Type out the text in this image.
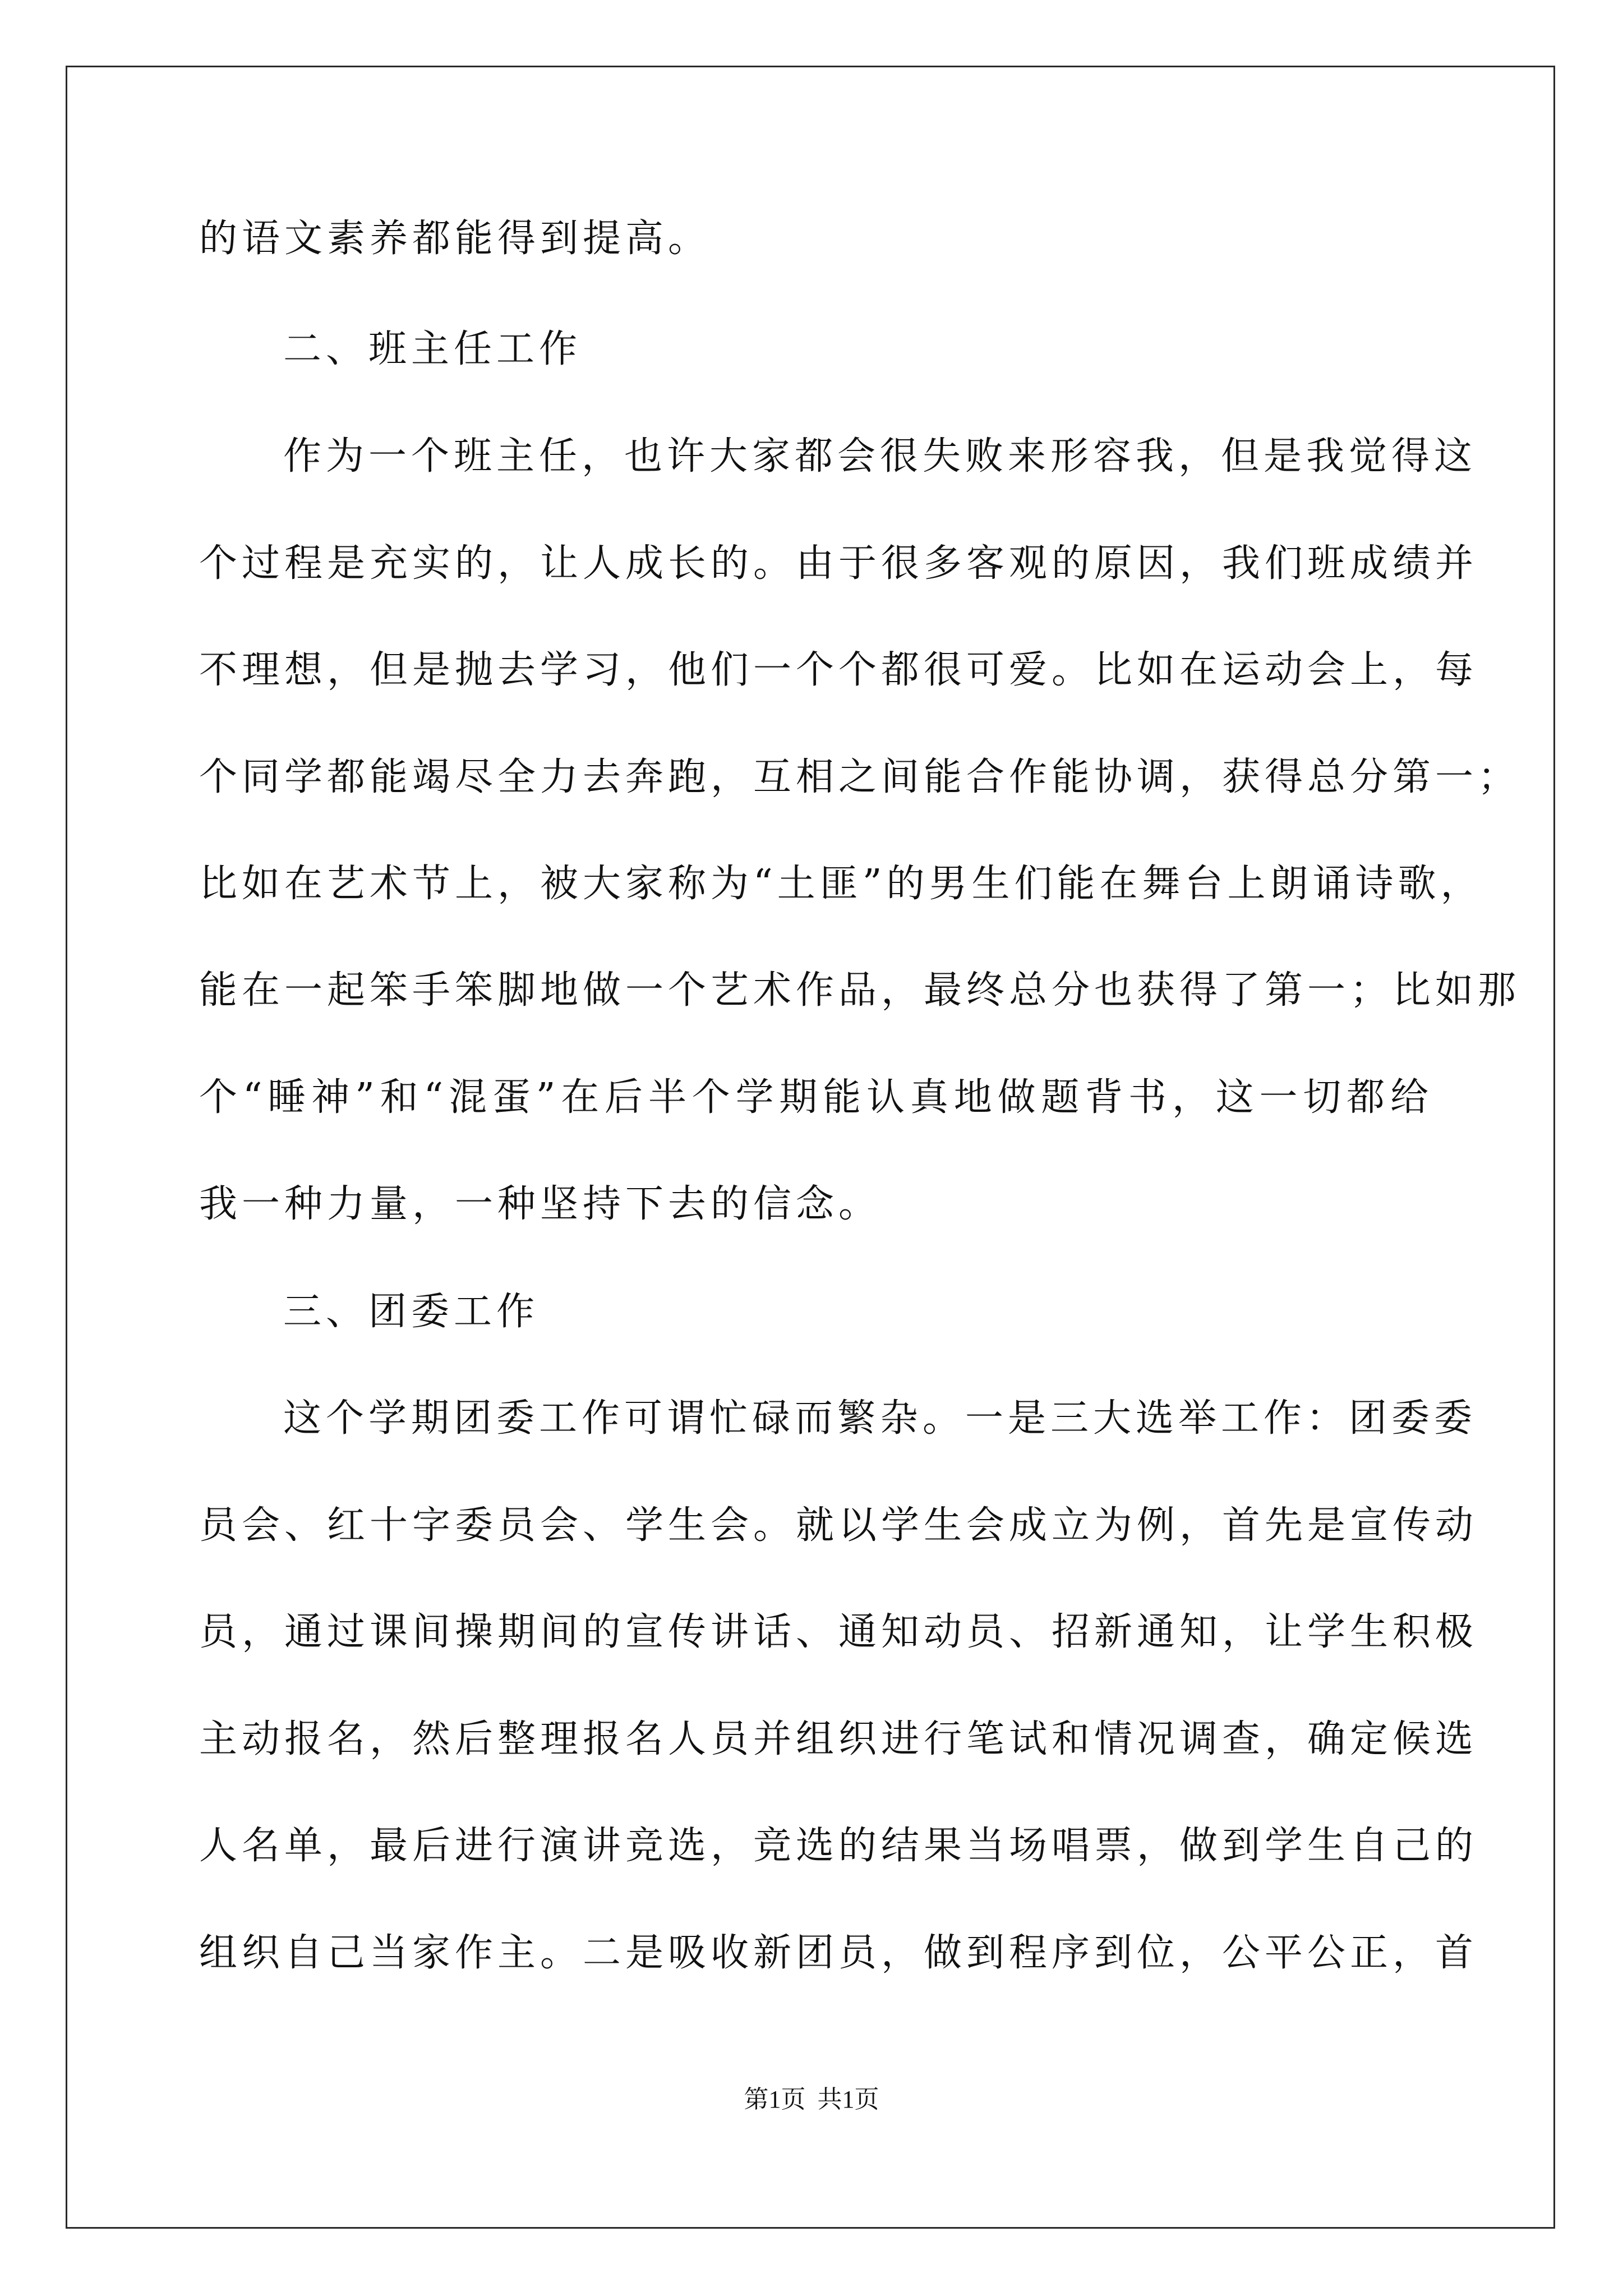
的语文素养都能得到提高。
二、班主任工作
作为一个班主任，也许大家都会很失败来形容我，但是我觉得这
个过程是充实的，让人成长的。由于很多客观的原因，我们班成绩并
不理想，但是抛去学习，他们一个个都很可爱。比如在运动会上，每
个同学都能竭尽全力去奔跑，互相之间能合作能协调，获得总分第一；
比如在艺术节上，被大家称为“土匪”的男生们能在舞台上朗诵诗歌，
能在一起笨手笨脚地做一个艺术作品，最终总分也获得了第一；比如那
个“睡神”和“混蛋”在后半个学期能认真地做题背书，这一切都给
我一种力量，一种坚持下去的信念。
三、团委工作
这个学期团委工作可谓忙碌而繁杂。一是三大选举工作：团委委
员会、红十字委员会、学生会。就以学生会成立为例，首先是宣传动
员，通过课间操期间的宣传讲话、通知动员、招新通知，让学生积极
主动报名，然后整理报名人员并组织进行笔试和情况调查，确定候选
人名单，最后进行演讲竞选，竞选的结果当场唱票，做到学生自己的
组织自己当家作主。二是吸收新团员，做到程序到位，公平公正，首
第1页 共1页
